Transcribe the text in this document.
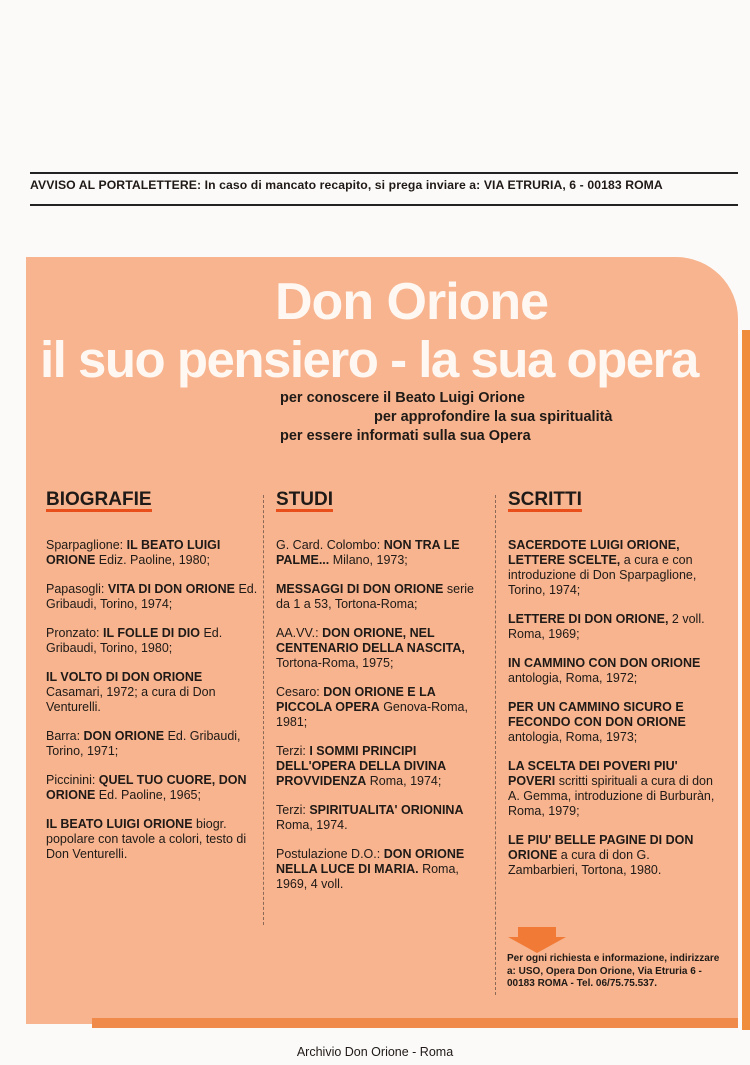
AVVISO AL PORTALETTERE: In caso di mancato recapito, si prega inviare a: VIA ETRURIA, 6 - 00183 ROMA
Don Orione
il suo pensiero - la sua opera
per conoscere il Beato Luigi Orione
per approfondire la sua spiritualità
per essere informati sulla sua Opera
BIOGRAFIE
Sparpaglione: IL BEATO LUIGI ORIONE Ediz. Paoline, 1980;
Papasogli: VITA DI DON ORIONE Ed. Gribaudi, Torino, 1974;
Pronzato: IL FOLLE DI DIO Ed. Gribaudi, Torino, 1980;
IL VOLTO DI DON ORIONE Casamari, 1972; a cura di Don Venturelli.
Barra: DON ORIONE Ed. Gribaudi, Torino, 1971;
Piccinini: QUEL TUO CUORE, DON ORIONE Ed. Paoline, 1965;
IL BEATO LUIGI ORIONE biogr. popolare con tavole a colori, testo di Don Venturelli.
STUDI
G. Card. Colombo: NON TRA LE PALME... Milano, 1973;
MESSAGGI DI DON ORIONE serie da 1 a 53, Tortona-Roma;
AA.VV.: DON ORIONE, NEL CENTENARIO DELLA NASCITA, Tortona-Roma, 1975;
Cesaro: DON ORIONE E LA PICCOLA OPERA Genova-Roma, 1981;
Terzi: I SOMMI PRINCIPI DELL'OPERA DELLA DIVINA PROVVIDENZA Roma, 1974;
Terzi: SPIRITUALITA' ORIONINA Roma, 1974.
Postulazione D.O.: DON ORIONE NELLA LUCE DI MARIA. Roma, 1969, 4 voll.
SCRITTI
SACERDOTE LUIGI ORIONE, LETTERE SCELTE, a cura e con introduzione di Don Sparpaglione, Torino, 1974;
LETTERE DI DON ORIONE, 2 voll. Roma, 1969;
IN CAMMINO CON DON ORIONE antologia, Roma, 1972;
PER UN CAMMINO SICURO E FECONDO CON DON ORIONE antologia, Roma, 1973;
LA SCELTA DEI POVERI PIU' POVERI scritti spirituali a cura di don A. Gemma, introduzione di Burburàn, Roma, 1979;
LE PIU' BELLE PAGINE DI DON ORIONE a cura di don G. Zambarbieri, Tortona, 1980.
Per ogni richiesta e informazione, indirizzare a: USO, Opera Don Orione, Via Etruria 6 - 00183 ROMA - Tel. 06/75.75.537.
Archivio Don Orione - Roma
